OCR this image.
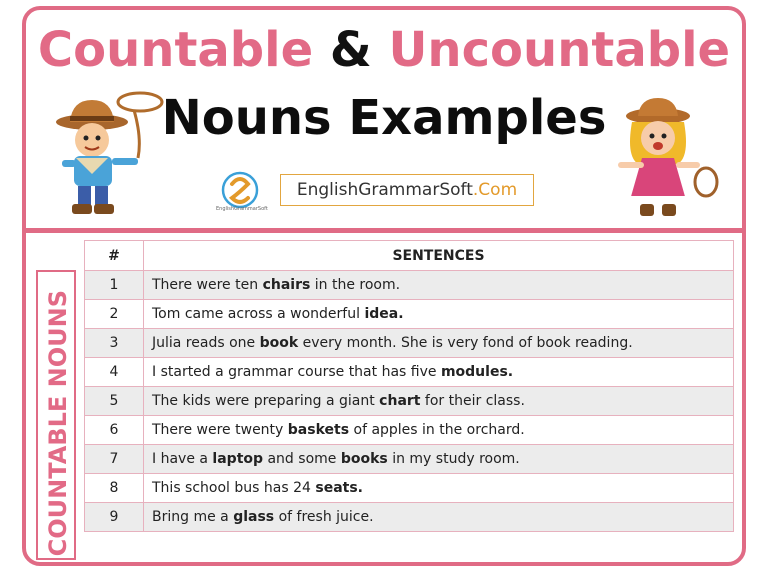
Countable & Uncountable
Nouns Examples
EnglishGrammarSoft
EnglishGrammarSoft .Com
COUNTABLE NOUNS
#	SENTENCES
1	There were ten chairs in the room.
2	Tom came across a wonderful idea.
3	Julia reads one book every month. She is very fond of book reading.
4	I started a grammar course that has five modules.
5	The kids were preparing a giant chart for their class.
6	There were twenty baskets of apples in the orchard.
7	I have a laptop and some books in my study room.
8	This school bus has 24 seats.
9	Bring me a glass of fresh juice.
